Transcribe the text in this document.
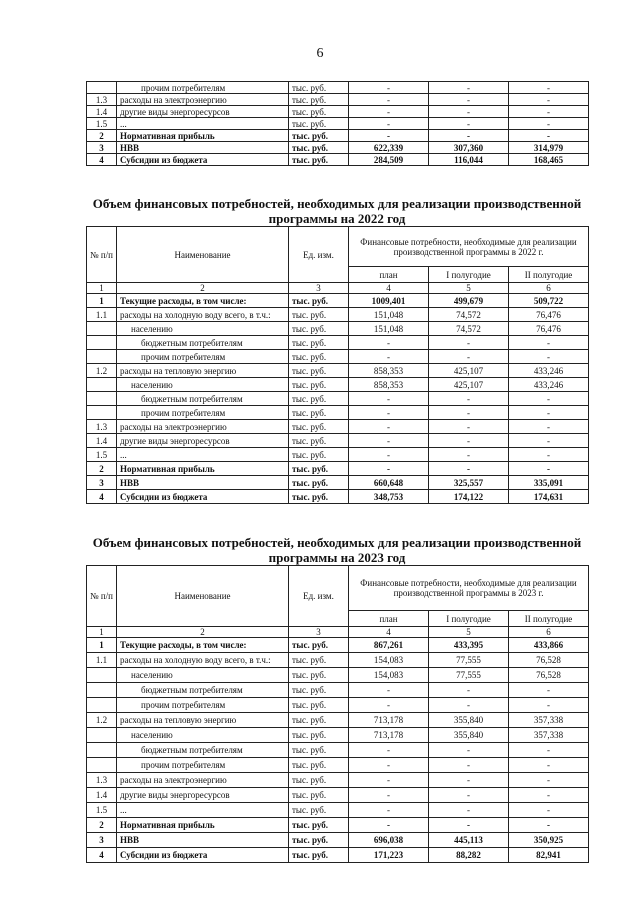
6
	прочим потребителям	тыс. руб.	-	-	-
1.3	расходы на электроэнергию	тыс. руб.	-	-	-
1.4	другие виды энергоресурсов	тыс. руб.	-	-	-
1.5	...	тыс. руб.	-	-	-
2	Нормативная прибыль	тыс. руб.	-	-	-
3	НВВ	тыс. руб.	622,339	307,360	314,979
4	Субсидии из бюджета	тыс. руб.	284,509	116,044	168,465
Объем финансовых потребностей, необходимых для реализации производственной программы на 2022 год
№ п/п	Наименование	Ед. изм.	Финансовые потребности, необходимые для реализации производственной программы в 2022 г.		
			план	I полугодие	II полугодие
1	2	3	4	5	6
1	Текущие расходы, в том числе:	тыс. руб.	1009,401	499,679	509,722
1.1	расходы на холодную воду всего, в т.ч.:	тыс. руб.	151,048	74,572	76,476
	населению	тыс. руб.	151,048	74,572	76,476
	бюджетным потребителям	тыс. руб.	-	-	-
	прочим потребителям	тыс. руб.	-	-	-
1.2	расходы на тепловую энергию	тыс. руб.	858,353	425,107	433,246
	населению	тыс. руб.	858,353	425,107	433,246
	бюджетным потребителям	тыс. руб.	-	-	-
	прочим потребителям	тыс. руб.	-	-	-
1.3	расходы на электроэнергию	тыс. руб.	-	-	-
1.4	другие виды энергоресурсов	тыс. руб.	-	-	-
1.5	...	тыс. руб.	-	-	-
2	Нормативная прибыль	тыс. руб.	-	-	-
3	НВВ	тыс. руб.	660,648	325,557	335,091
4	Субсидии из бюджета	тыс. руб.	348,753	174,122	174,631
Объем финансовых потребностей, необходимых для реализации производственной программы на 2023 год
№ п/п	Наименование	Ед. изм.	Финансовые потребности, необходимые для реализации производственной программы в 2023 г.		
			план	I полугодие	II полугодие
1	2	3	4	5	6
1	Текущие расходы, в том числе:	тыс. руб.	867,261	433,395	433,866
1.1	расходы на холодную воду всего, в т.ч.:	тыс. руб.	154,083	77,555	76,528
	населению	тыс. руб.	154,083	77,555	76,528
	бюджетным потребителям	тыс. руб.	-	-	-
	прочим потребителям	тыс. руб.	-	-	-
1.2	расходы на тепловую энергию	тыс. руб.	713,178	355,840	357,338
	населению	тыс. руб.	713,178	355,840	357,338
	бюджетным потребителям	тыс. руб.	-	-	-
	прочим потребителям	тыс. руб.	-	-	-
1.3	расходы на электроэнергию	тыс. руб.	-	-	-
1.4	другие виды энергоресурсов	тыс. руб.	-	-	-
1.5	...	тыс. руб.	-	-	-
2	Нормативная прибыль	тыс. руб.	-	-	-
3	НВВ	тыс. руб.	696,038	445,113	350,925
4	Субсидии из бюджета	тыс. руб.	171,223	88,282	82,941
